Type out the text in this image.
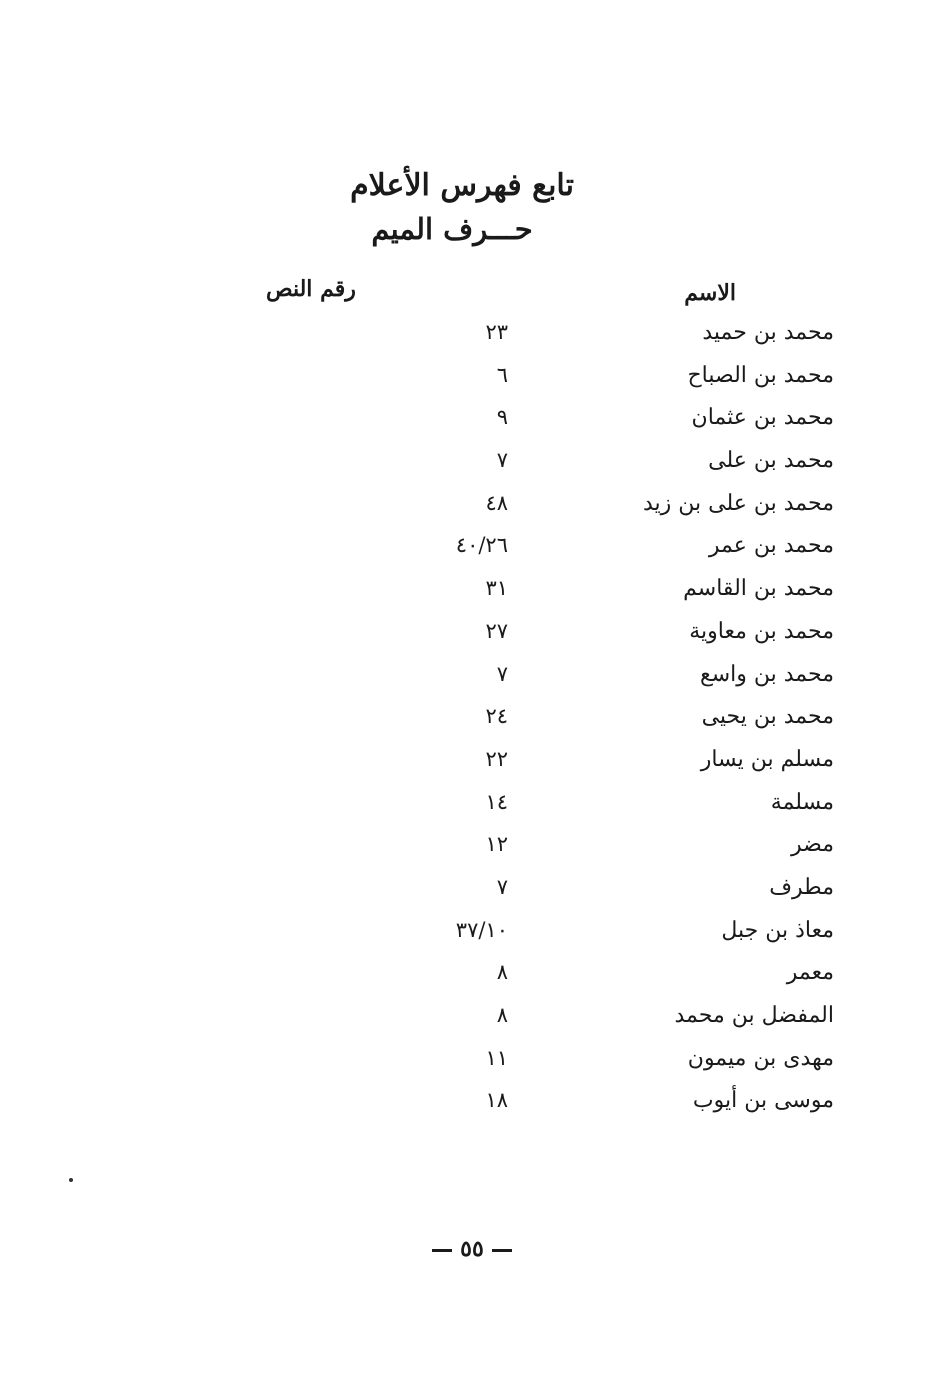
تابع فهرس الأعلام
حـــرف الميم
الاسم
رقم النص
محمد بن حميد
٢٣
محمد بن الصباح
٦
محمد بن عثمان
٩
محمد بن على
٧
محمد بن على بن زيد
٤٨
محمد بن عمر
٤٠/٢٦
محمد بن القاسم
٣١
محمد بن معاوية
٢٧
محمد بن واسع
٧
محمد بن يحيى
٢٤
مسلم بن يسار
٢٢
مسلمة
١٤
مضر
١٢
مطرف
٧
معاذ بن جبل
٣٧/١٠
معمر
٨
المفضل بن محمد
٨
مهدى بن ميمون
١١
موسى بن أيوب
١٨
٥٥
